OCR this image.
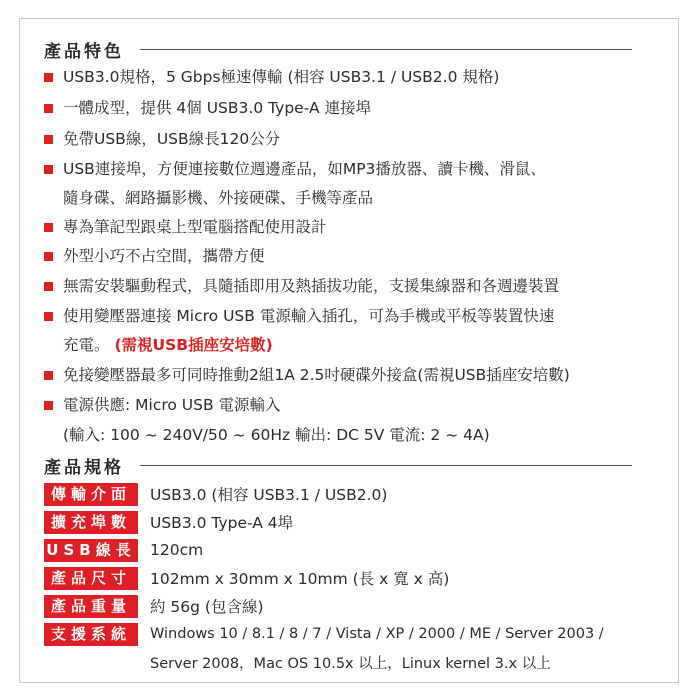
產品特色
USB3.0規格，5 Gbps極速傳輸 (相容 USB3.1 / USB2.0 規格)
一體成型，提供 4個 USB3.0 Type-A 連接埠
免帶USB線，USB線長120公分
USB連接埠，方便連接數位週邊產品，如MP3播放器、讀卡機、滑鼠、
隨身碟、網路攝影機、外接硬碟、手機等產品
專為筆記型跟桌上型電腦搭配使用設計
外型小巧不占空間，攜帶方便
無需安裝驅動程式，具隨插即用及熱插拔功能，支援集線器和各週邊裝置
使用變壓器連接 Micro USB 電源輸入插孔，可為手機或平板等裝置快速
充電。 (需視USB插座安培數)
免接變壓器最多可同時推動2組1A 2.5吋硬碟外接盒(需視USB插座安培數)
電源供應: Micro USB 電源輸入
(輸入: 100 ~ 240V/50 ~ 60Hz 輸出: DC 5V 電流: 2 ~ 4A)
產品規格
傳輸介面	USB3.0 (相容 USB3.1 / USB2.0)
擴充埠數	USB3.0 Type-A 4埠
USB線長 120cm
產品尺寸	102mm x 30mm x 10mm (長 x 寬 x 高)
產品重量	約 56g (包含線)
支援系統	Windows 10 / 8.1 / 8 / 7 / Vista / XP / 2000 / ME / Server 2003 /
Server 2008，Mac OS 10.5x 以上，Linux kernel 3.x 以上
